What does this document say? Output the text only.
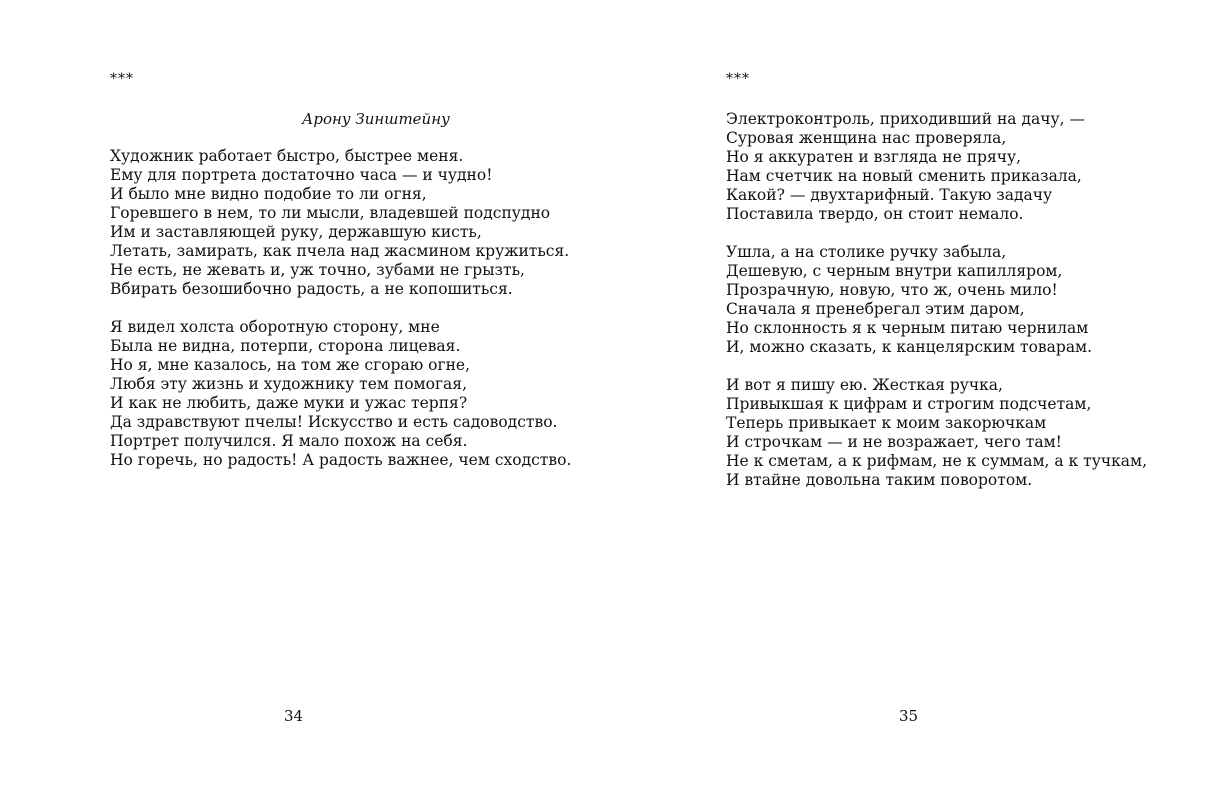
***
Арону Зинштейну
Художник работает быстро, быстрее меня.
Ему для портрета достаточно часа — и чудно!
И было мне видно подобие то ли огня,
Горевшего в нем, то ли мысли, владевшей подспудно
Им и заставляющей руку, державшую кисть,
Летать, замирать, как пчела над жасмином кружиться.
Не есть, не жевать и, уж точно, зубами не грызть,
Вбирать безошибочно радость, а не копошиться.
Я видел холста оборотную сторону, мне
Была не видна, потерпи, сторона лицевая.
Но я, мне казалось, на том же сгораю огне,
Любя эту жизнь и художнику тем помогая,
И как не любить, даже муки и ужас терпя?
Да здравствуют пчелы! Искусство и есть садоводство.
Портрет получился. Я мало похож на себя.
Но горечь, но радость! А радость важнее, чем сходство.
34
***
Электроконтроль, приходивший на дачу, —
Суровая женщина нас проверяла,
Но я аккуратен и взгляда не прячу,
Нам счетчик на новый сменить приказала,
Какой? — двухтарифный. Такую задачу
Поставила твердо, он стоит немало.
Ушла, а на столике ручку забыла,
Дешевую, с черным внутри капилляром,
Прозрачную, новую, что ж, очень мило!
Сначала я пренебрегал этим даром,
Но склонность я к черным питаю чернилам
И, можно сказать, к канцелярским товарам.
И вот я пишу ею. Жесткая ручка,
Привыкшая к цифрам и строгим подсчетам,
Теперь привыкает к моим закорючкам
И строчкам — и не возражает, чего там!
Не к сметам, а к рифмам, не к суммам, а к тучкам,
И втайне довольна таким поворотом.
35
